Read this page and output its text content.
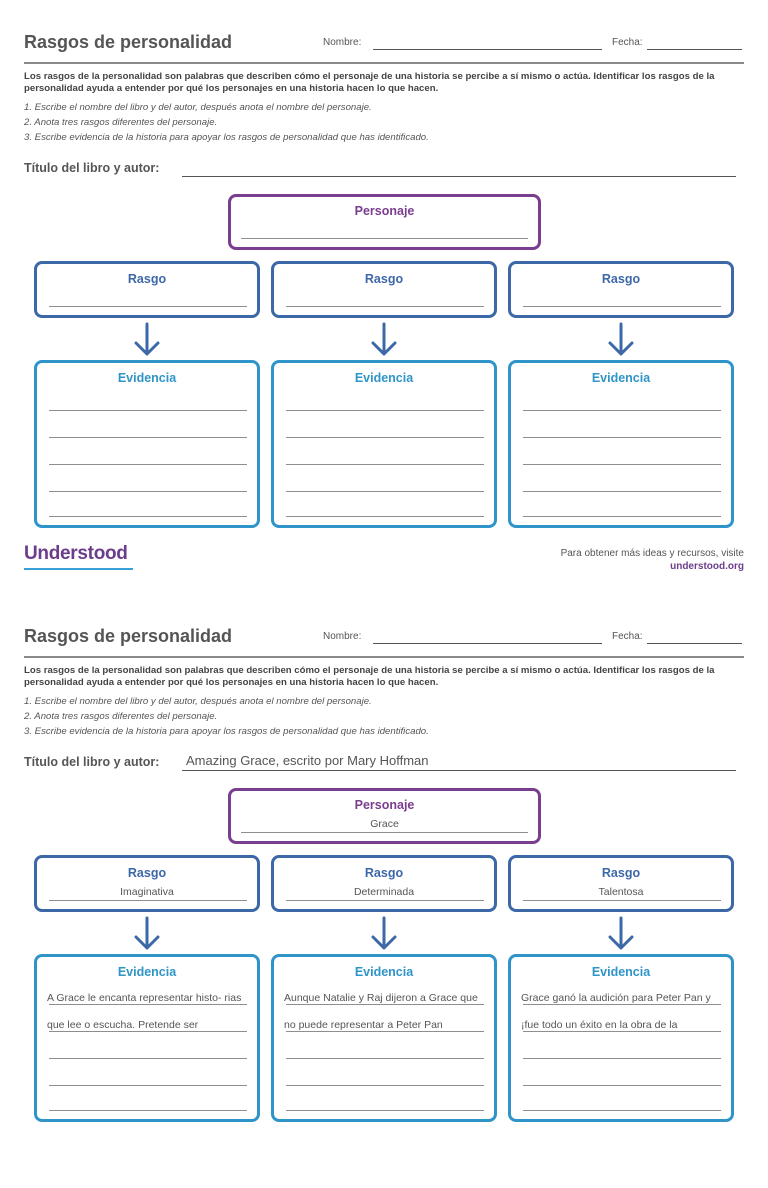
Rasgos de personalidad	Nombre:	Fecha:

Los rasgos de la personalidad son palabras que describen cómo el personaje de una historia se percibe a sí mismo o actúa. Identificar los rasgos de la personalidad ayuda a entender por qué los personajes en una historia hacen lo que hacen.

1. Escribe el nombre del libro y del autor, después anota el nombre del personaje.
2. Anota tres rasgos diferentes del personaje.
3. Escribe evidencia de la historia para apoyar los rasgos de personalidad que has identificado.
Título del libro y autor:
Personaje
Rasgo	Rasgo	Rasgo
Evidencia	Evidencia	Evidencia
Understood	Para obtener más ideas y recursos, visite
understood.org
Rasgos de personalidad	Nombre:	Fecha:

Los rasgos de la personalidad son palabras que describen cómo el personaje de una historia se percibe a sí mismo o actúa. Identificar los rasgos de la personalidad ayuda a entender por qué los personajes en una historia hacen lo que hacen.

1. Escribe el nombre del libro y del autor, después anota el nombre del personaje.
2. Anota tres rasgos diferentes del personaje.
3. Escribe evidencia de la historia para apoyar los rasgos de personalidad que has identificado.
Título del libro y autor: Amazing Grace, escrito por Mary Hoffman
Personaje
Grace
Rasgo
Imaginativa
Rasgo
Determinada
Rasgo
Talentosa
Evidencia

A Grace le encanta representar histo- rias que lee o escucha. Pretende ser

Evidencia

Aunque Natalie y Raj dijeron a Grace que no puede representar a Peter Pan

Evidencia

Grace ganó la audición para Peter Pan y ¡fue todo un éxito en la obra de la
